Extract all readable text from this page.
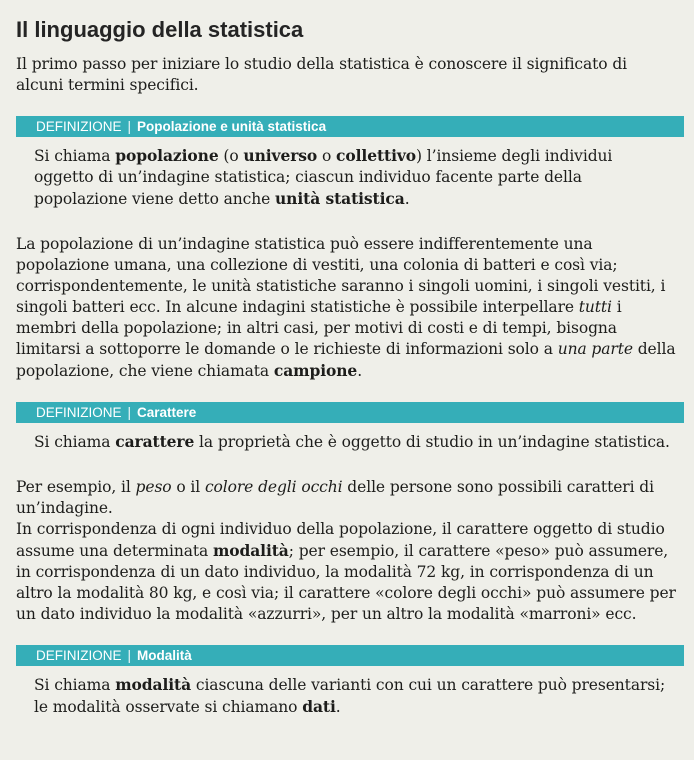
Il linguaggio della statistica

Il primo passo per iniziare lo studio della statistica è conoscere il significato di alcuni termini specifici.

DEFINIZIONE | Popolazione e unità statistica
Si chiama popolazione (o universo o collettivo) l’insieme degli individui oggetto di un’indagine statistica; ciascun individuo facente parte della popolazione viene detto anche unità statistica.

La popolazione di un’indagine statistica può essere indifferentemente una popolazione umana, una collezione di vestiti, una colonia di batteri e così via; corrispondentemente, le unità statistiche saranno i singoli uomini, i singoli vestiti, i singoli batteri ecc. In alcune indagini statistiche è possibile interpellare tutti i membri della popolazione; in altri casi, per motivi di costi e di tempi, bisogna limitarsi a sottoporre le domande o le richieste di informazioni solo a una parte della popolazione, che viene chiamata campione.

DEFINIZIONE | Carattere
Si chiama carattere la proprietà che è oggetto di studio in un’indagine statistica.

Per esempio, il peso o il colore degli occhi delle persone sono possibili caratteri di un’indagine.

In corrispondenza di ogni individuo della popolazione, il carattere oggetto di studio assume una determinata modalità; per esempio, il carattere «peso» può assumere, in corrispondenza di un dato individuo, la modalità 72 kg, in corrispondenza di un altro la modalità 80 kg, e così via; il carattere «colore degli occhi» può assumere per un dato individuo la modalità «azzurri», per un altro la modalità «marroni» ecc.

DEFINIZIONE | Modalità
Si chiama modalità ciascuna delle varianti con cui un carattere può presentarsi; le modalità osservate si chiamano dati.
